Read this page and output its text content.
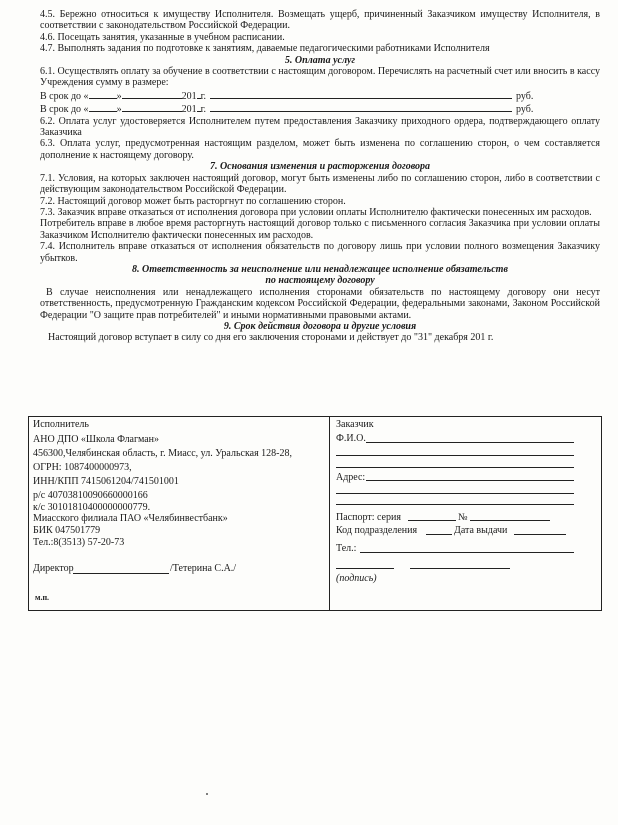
4.5. Бережно относиться к имуществу Исполнителя. Возмещать ущерб, причиненный Заказчиком имуществу Исполнителя, в соответствии с законодательством Российской Федерации.
4.6. Посещать занятия, указанные в учебном расписании.
4.7. Выполнять задания по подготовке к занятиям, даваемые педагогическими работниками Исполнителя
5. Оплата услуг
6.1. Осуществлять оплату за обучение в соответствии с настоящим договором. Перечислять на расчетный счет или вносить в кассу Учреждения сумму в размере:
В срок до «	»	201 г.	руб.
В срок до «	»	201 г.	руб.
6.2. Оплата услуг удостоверяется Исполнителем путем предоставления Заказчику приходного ордера, подтверждающего оплату Заказчика
6.3. Оплата услуг, предусмотренная настоящим разделом, может быть изменена по соглашению сторон, о чем составляется дополнение к настоящему договору.
7. Основания изменения и расторжения договора
7.1. Условия, на которых заключен настоящий договор, могут быть изменены либо по соглашению сторон, либо в соответствии с действующим законодательством Российской Федерации.
7.2. Настоящий договор может быть расторгнут по соглашению сторон.
7.3. Заказчик вправе отказаться от исполнения договора при условии оплаты Исполнителю фактически понесенных им расходов.
Потребитель вправе в любое время расторгнуть настоящий договор только с письменного согласия Заказчика при условии оплаты Заказчиком Исполнителю фактически понесенных им расходов.
7.4. Исполнитель вправе отказаться от исполнения обязательств по договору лишь при условии полного возмещения Заказчику убытков.
8. Ответственность за неисполнение или ненадлежащее исполнение обязательств
по настоящему договору
В случае неисполнения или ненадлежащего исполнения сторонами обязательств по настоящему договору они несут ответственность, предусмотренную Гражданским кодексом Российской Федерации, федеральными законами, Законом Российской Федерации "О защите прав потребителей" и иными нормативными правовыми актами.
9. Срок действия договора и другие условия
Настоящий договор вступает в силу со дня его заключения сторонами и действует до "31" декабря 201 г.
Исполнитель
АНО ДПО «Школа Флагман»
456300,Челябинская область, г. Миасс, ул. Уральская 128-28,
ОГРН: 1087400000973,
ИНН/КПП 7415061204/741501001
р/с 40703810090660000166
к/с 30101810400000000779.
Миасского филиала ПАО «Челябинвестбанк»
БИК 047501779
Тел.:8(3513) 57-20-73
Директор	/Тетерина С.А./
м.п.
Заказчик
Ф.И.О.
Адрес:
Паспорт: серия	№
Код подразделения	Дата выдачи
Тел.:
(подпись)
